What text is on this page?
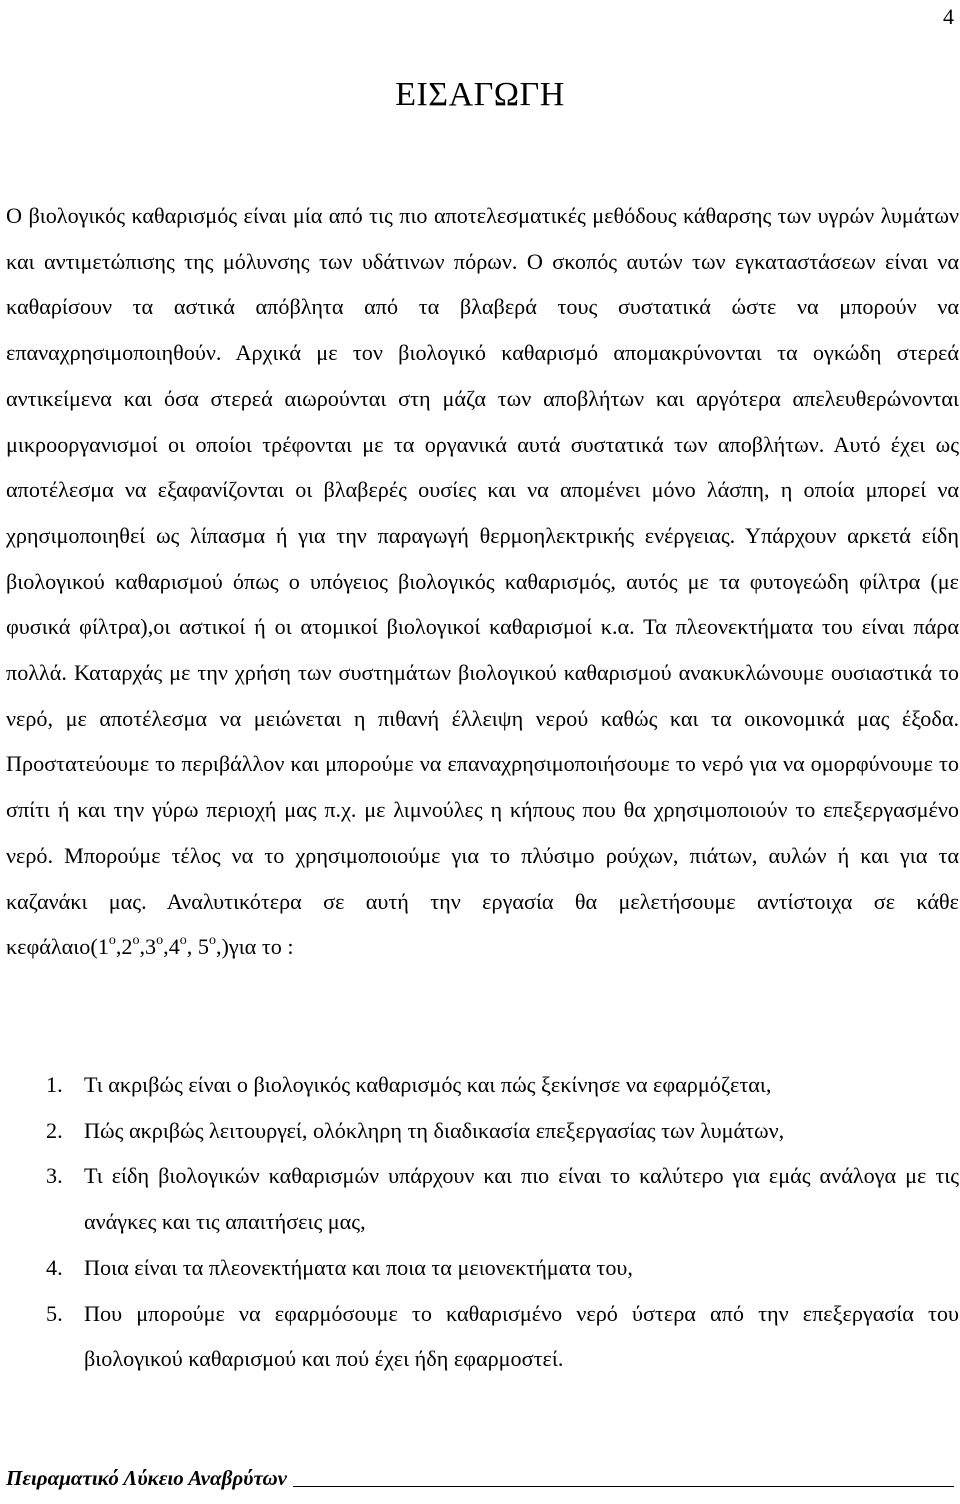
4
ΕΙΣΑΓΩΓΗ

Ο βιολογικός καθαρισμός είναι μία από τις πιο αποτελεσματικές μεθόδους κάθαρσης των υγρών λυμάτων και αντιμετώπισης της μόλυνσης των υδάτινων πόρων. Ο σκοπός αυτών των εγκαταστάσεων είναι να καθαρίσουν τα αστικά απόβλητα από τα βλαβερά τους συστατικά ώστε να μπορούν να επαναχρησιμοποιηθούν. Αρχικά με τον βιολογικό καθαρισμό απομακρύνονται τα ογκώδη στερεά αντικείμενα και όσα στερεά αιωρούνται στη μάζα των αποβλήτων και αργότερα απελευθερώνονται μικροοργανισμοί οι οποίοι τρέφονται με τα οργανικά αυτά συστατικά των αποβλήτων. Αυτό έχει ως αποτέλεσμα να εξαφανίζονται οι βλαβερές ουσίες και να απομένει μόνο λάσπη, η οποία μπορεί να χρησιμοποιηθεί ως λίπασμα ή για την παραγωγή θερμοηλεκτρικής ενέργειας. Υπάρχουν αρκετά είδη βιολογικού καθαρισμού όπως ο υπόγειος βιολογικός καθαρισμός, αυτός με τα φυτογεώδη φίλτρα (με φυσικά φίλτρα),οι αστικοί ή οι ατομικοί βιολογικοί καθαρισμοί κ.α. Τα πλεονεκτήματα του είναι πάρα πολλά. Καταρχάς με την χρήση των συστημάτων βιολογικού καθαρισμού ανακυκλώνουμε ουσιαστικά το νερό, με αποτέλεσμα να μειώνεται η πιθανή έλλειψη νερού καθώς και τα οικονομικά μας έξοδα. Προστατεύουμε το περιβάλλον και μπορούμε να επαναχρησιμοποιήσουμε το νερό για να ομορφύνουμε το σπίτι ή και την γύρω περιοχή μας π.χ. με λιμνούλες η κήπους που θα χρησιμοποιούν το επεξεργασμένο νερό. Μπορούμε τέλος να το χρησιμοποιούμε για το πλύσιμο ρούχων, πιάτων, αυλών ή και για τα καζανάκι μας. Αναλυτικότερα σε αυτή την εργασία θα μελετήσουμε αντίστοιχα σε κάθε $\kappa\varepsilon\varphi ά\lambda\alpha\iota o(1^o,2^o,3^o,4^o$, $5^o,)\gamma\iota\alpha$ το :

1. Τι ακριβώς είναι ο βιολογικός καθαρισμός και πώς ξεκίνησε να εφαρμόζεται,
2. Πώς ακριβώς λειτουργεί, ολόκληρη τη διαδικασία επεξεργασίας των λυμάτων,
3. Τι είδη βιολογικών καθαρισμών υπάρχουν και πιο είναι το καλύτερο για εμάς ανάλογα με τις ανάγκες και τις απαιτήσεις μας,
4. Ποια είναι τα πλεονεκτήματα και ποια τα μειονεκτήματα του,
5. Που μπορούμε να εφαρμόσουμε το καθαρισμένο νερό ύστερα από την επεξεργασία του βιολογικού καθαρισμού και πού έχει ήδη εφαρμοστεί.
Πειραματικό Λύκειο Αναβρύτων
